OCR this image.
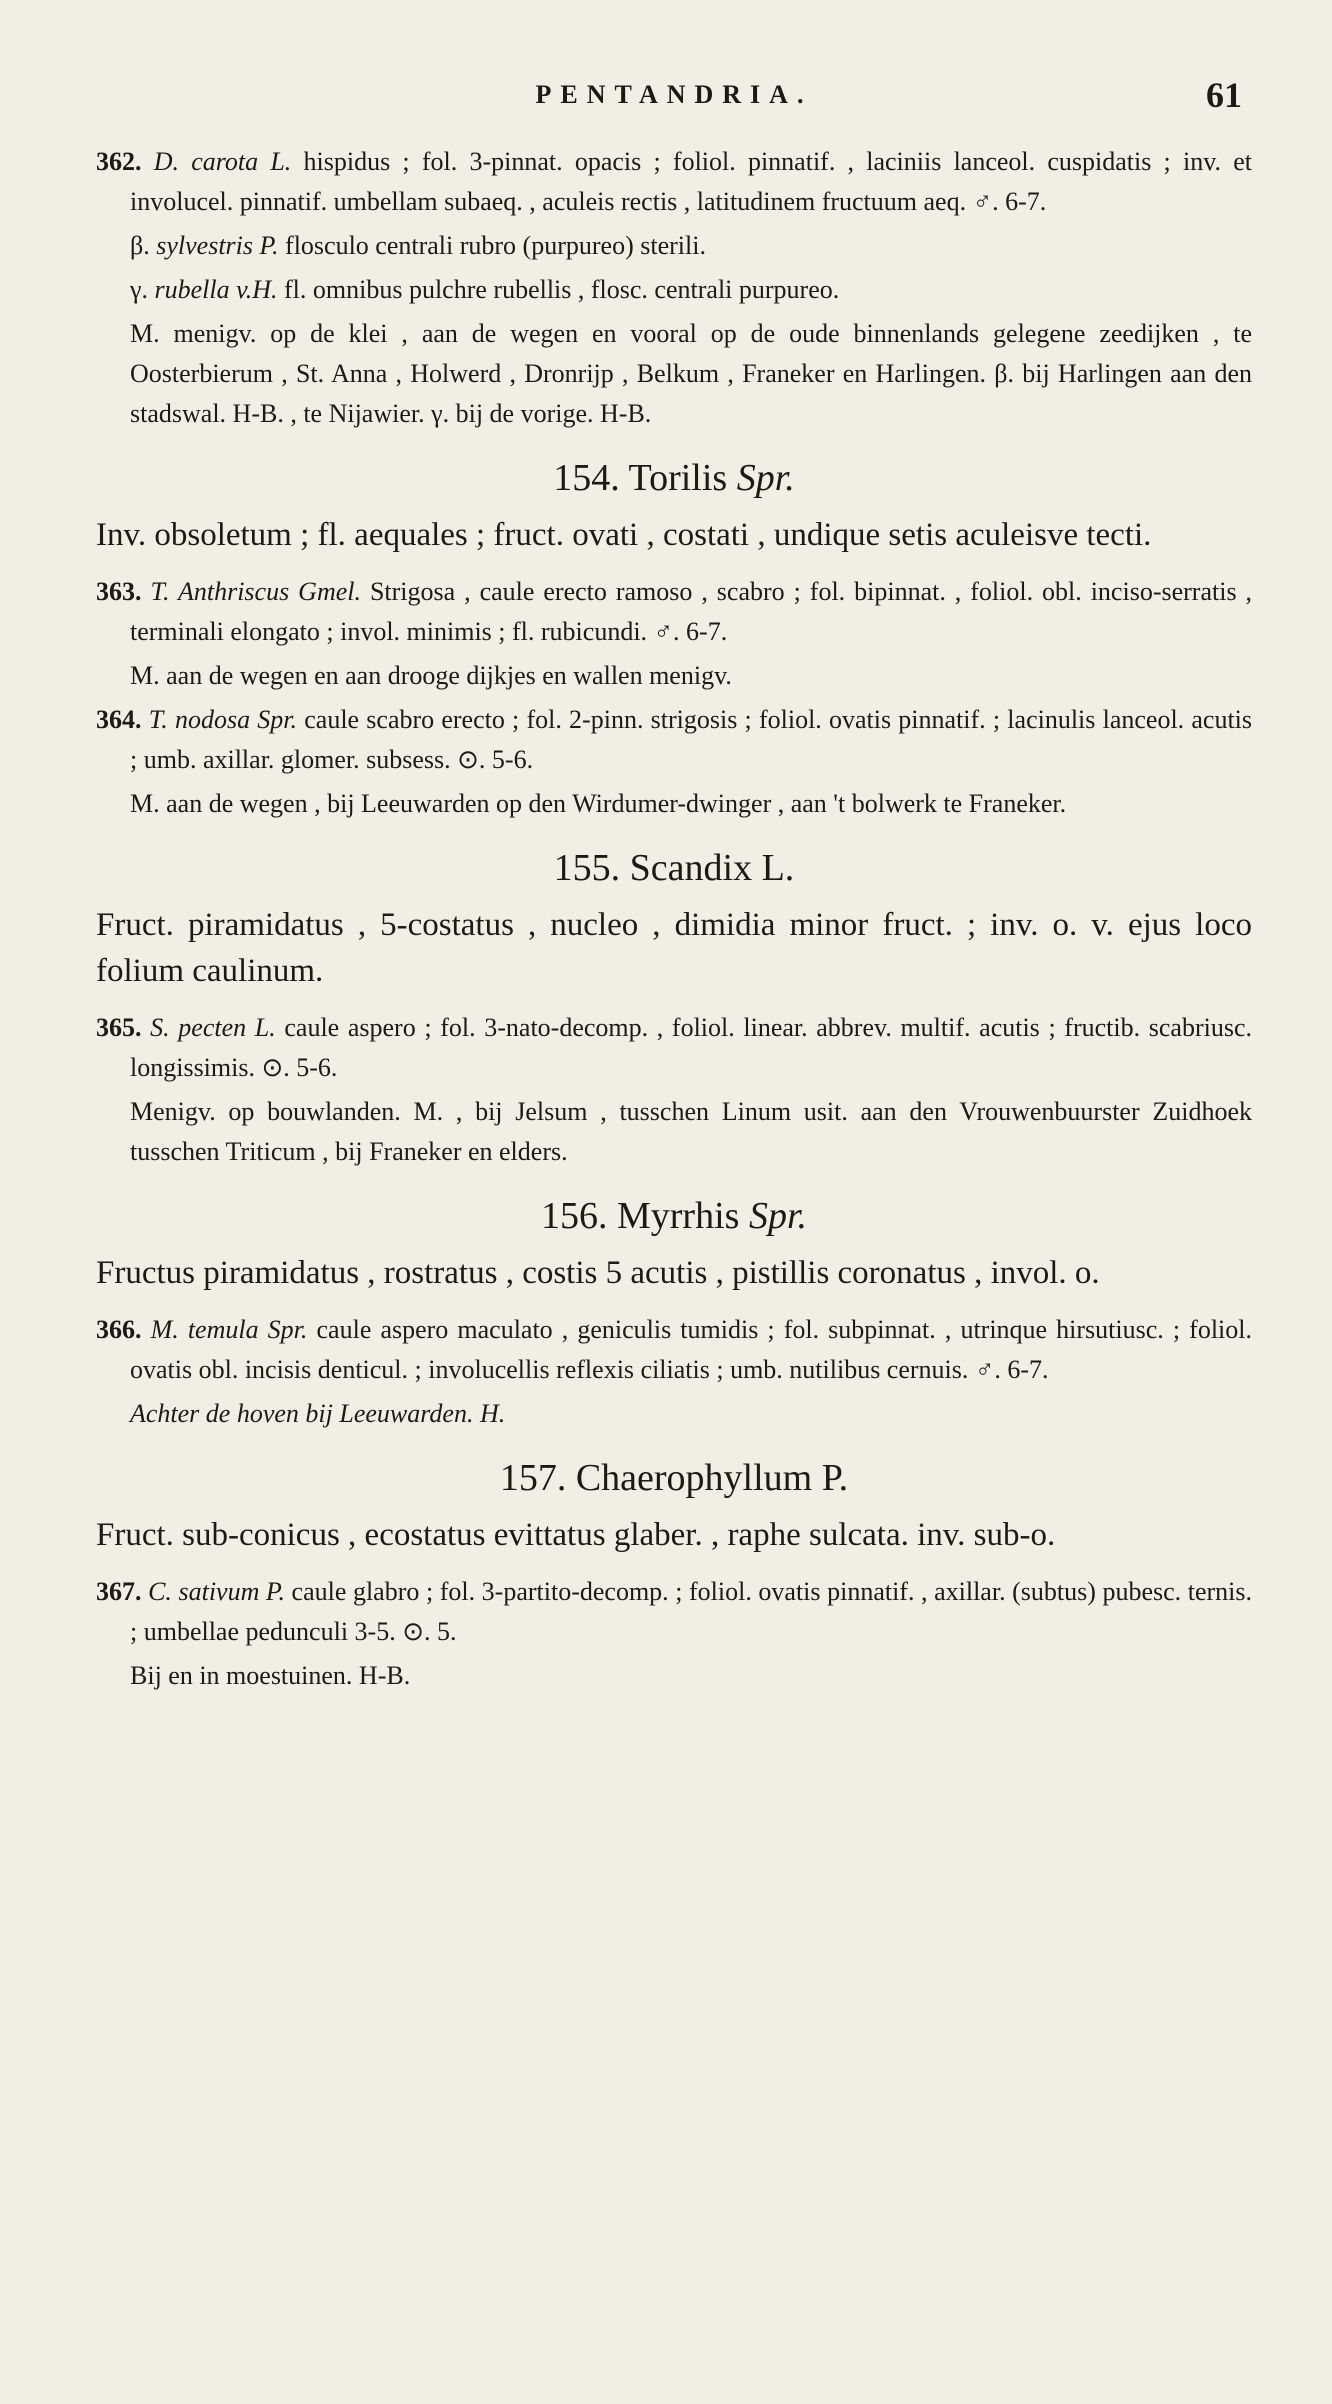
PENTANDRIA.	61

362. D. carota L. hispidus ; fol. 3-pinnat. opacis ; foliol. pinnatif. , laciniis lanceol. cuspidatis ; inv. et involucel. pinnatif. umbellam subaeq. , aculeis rectis , latitudinem fructuum aeq. ♂. 6-7.

β. sylvestris P. flosculo centrali rubro (purpureo) sterili.

γ. rubella v.H. fl. omnibus pulchre rubellis , flosc. centrali purpureo.

M. menigv. op de klei , aan de wegen en vooral op de oude binnenlands gelegene zeedijken , te Oosterbierum , St. Anna , Holwerd , Dronrijp , Belkum , Franeker en Harlingen. β. bij Harlingen aan den stadswal. H-B. , te Nijawier. γ. bij de vorige. H-B.

154. Torilis Spr.

Inv. obsoletum ; fl. aequales ; fruct. ovati , costati , undique setis aculeisve tecti.

363. T. Anthriscus Gmel. Strigosa , caule erecto ramoso , scabro ; fol. bipinnat. , foliol. obl. inciso-serratis , terminali elongato ; invol. minimis ; fl. rubicundi. ♂. 6-7.

M. aan de wegen en aan drooge dijkjes en wallen menigv.

364. T. nodosa Spr. caule scabro erecto ; fol. 2-pinn. strigosis ; foliol. ovatis pinnatif. ; lacinulis lanceol. acutis ; umb. axillar. glomer. subsess. ⊙. 5-6.

M. aan de wegen , bij Leeuwarden op den Wirdumer-dwinger , aan 't bolwerk te Franeker.

155. Scandix L.

Fruct. piramidatus , 5-costatus , nucleo , dimidia minor fruct. ; inv. o. v. ejus loco folium caulinum.

365. S. pecten L. caule aspero ; fol. 3-nato-decomp. , foliol. linear. abbrev. multif. acutis ; fructib. scabriusc. longissimis. ⊙. 5-6.

Menigv. op bouwlanden. M. , bij Jelsum , tusschen Linum usit. aan den Vrouwenbuurster Zuidhoek tusschen Triticum , bij Franeker en elders.

156. Myrrhis Spr.

Fructus piramidatus , rostratus , costis 5 acutis , pistillis coronatus , invol. o.

366. M. temula Spr. caule aspero maculato , geniculis tumidis ; fol. subpinnat. , utrinque hirsutiusc. ; foliol. ovatis obl. incisis denticul. ; involucellis reflexis ciliatis ; umb. nutilibus cernuis. ♂. 6-7.

Achter de hoven bij Leeuwarden. H.

157. Chaerophyllum P.

Fruct. sub-conicus , ecostatus evittatus glaber. , raphe sulcata. inv. sub-o.

367. C. sativum P. caule glabro ; fol. 3-partito-decomp. ; foliol. ovatis pinnatif. , axillar. (subtus) pubesc. ternis. ; umbellae pedunculi 3-5. ⊙. 5.

Bij en in moestuinen. H-B.
